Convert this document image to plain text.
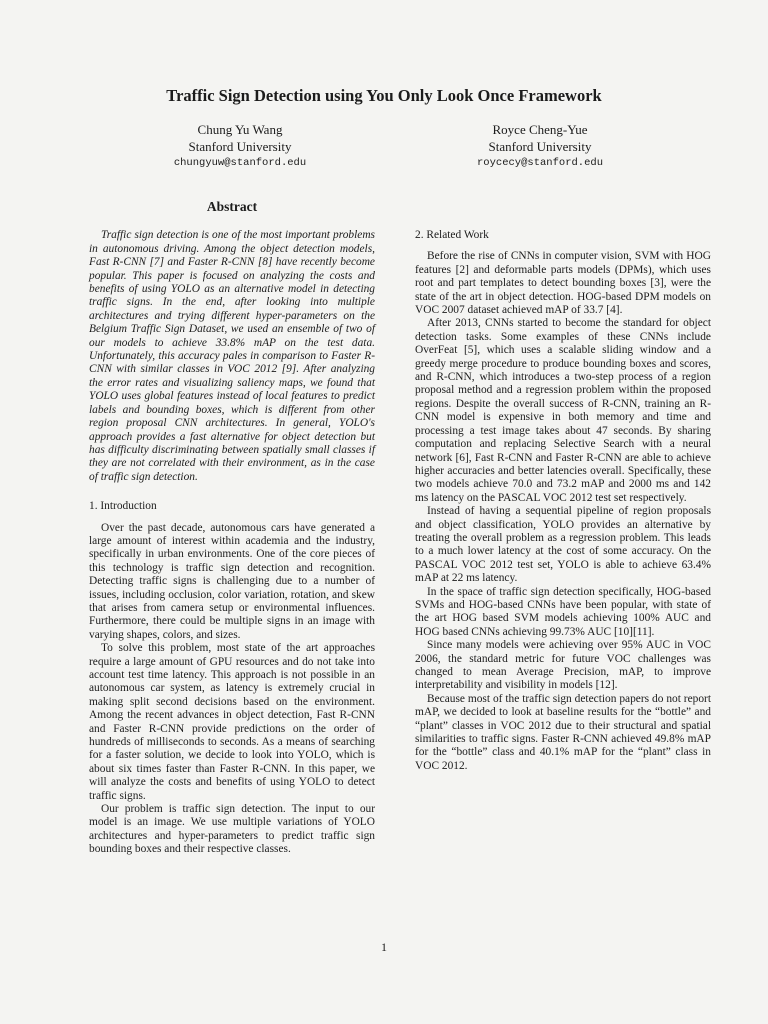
Traffic Sign Detection using You Only Look Once Framework
Chung Yu Wang
Stanford University
chungyuw@stanford.edu
Royce Cheng-Yue
Stanford University
roycecy@stanford.edu
Abstract

Traffic sign detection is one of the most important problems in autonomous driving. Among the object detection models, Fast R-CNN [7] and Faster R-CNN [8] have recently become popular. This paper is focused on analyzing the costs and benefits of using YOLO as an alternative model in detecting traffic signs. In the end, after looking into multiple architectures and trying different hyper-parameters on the Belgium Traffic Sign Dataset, we used an ensemble of two of our models to achieve 33.8% mAP on the test data. Unfortunately, this accuracy pales in comparison to Faster R-CNN with similar classes in VOC 2012 [9]. After analyzing the error rates and visualizing saliency maps, we found that YOLO uses global features instead of local features to predict labels and bounding boxes, which is different from other region proposal CNN architectures. In general, YOLO's approach provides a fast alternative for object detection but has difficulty discriminating between spatially small classes if they are not correlated with their environment, as in the case of traffic sign detection.

1. Introduction

Over the past decade, autonomous cars have generated a large amount of interest within academia and the industry, specifically in urban environments. One of the core pieces of this technology is traffic sign detection and recognition. Detecting traffic signs is challenging due to a number of issues, including occlusion, color variation, rotation, and skew that arises from camera setup or environmental influences. Furthermore, there could be multiple signs in an image with varying shapes, colors, and sizes.

To solve this problem, most state of the art approaches require a large amount of GPU resources and do not take into account test time latency. This approach is not possible in an autonomous car system, as latency is extremely crucial in making split second decisions based on the environment. Among the recent advances in object detection, Fast R-CNN and Faster R-CNN provide predictions on the order of hundreds of milliseconds to seconds. As a means of searching for a faster solution, we decide to look into YOLO, which is about six times faster than Faster R-CNN. In this paper, we will analyze the costs and benefits of using YOLO to detect traffic signs.

Our problem is traffic sign detection. The input to our model is an image. We use multiple variations of YOLO architectures and hyper-parameters to predict traffic sign bounding boxes and their respective classes.

2. Related Work

Before the rise of CNNs in computer vision, SVM with HOG features [2] and deformable parts models (DPMs), which uses root and part templates to detect bounding boxes [3], were the state of the art in object detection. HOG-based DPM models on VOC 2007 dataset achieved mAP of 33.7 [4].

After 2013, CNNs started to become the standard for object detection tasks. Some examples of these CNNs include OverFeat [5], which uses a scalable sliding window and a greedy merge procedure to produce bounding boxes and scores, and R-CNN, which introduces a two-step process of a region proposal method and a regression problem within the proposed regions. Despite the overall success of R-CNN, training an R-CNN model is expensive in both memory and time and processing a test image takes about 47 seconds. By sharing computation and replacing Selective Search with a neural network [6], Fast R-CNN and Faster R-CNN are able to achieve higher accuracies and better latencies overall. Specifically, these two models achieve 70.0 and 73.2 mAP and 2000 ms and 142 ms latency on the PASCAL VOC 2012 test set respectively.

Instead of having a sequential pipeline of region proposals and object classification, YOLO provides an alternative by treating the overall problem as a regression problem. This leads to a much lower latency at the cost of some accuracy. On the PASCAL VOC 2012 test set, YOLO is able to achieve 63.4% mAP at 22 ms latency.

In the space of traffic sign detection specifically, HOG-based SVMs and HOG-based CNNs have been popular, with state of the art HOG based SVM models achieving 100% AUC and HOG based CNNs achieving 99.73% AUC [10][11].

Since many models were achieving over 95% AUC in VOC 2006, the standard metric for future VOC challenges was changed to mean Average Precision, mAP, to improve interpretability and visibility in models [12].

Because most of the traffic sign detection papers do not report mAP, we decided to look at baseline results for the “bottle” and “plant” classes in VOC 2012 due to their structural and spatial similarities to traffic signs. Faster R-CNN achieved 49.8% mAP for the “bottle” class and 40.1% mAP for the “plant” class in VOC 2012.

1
